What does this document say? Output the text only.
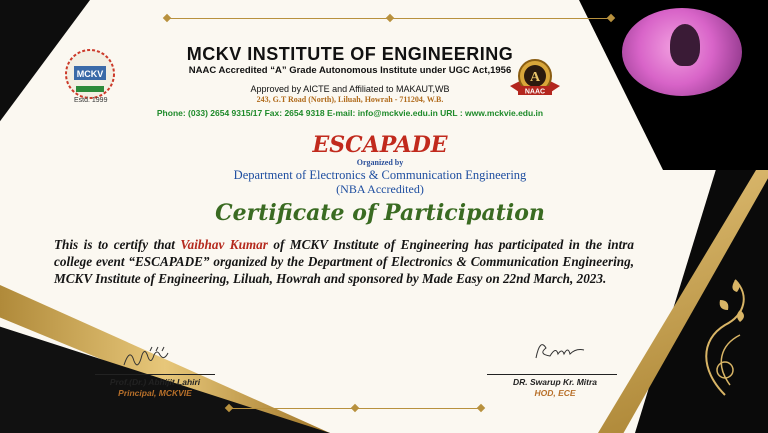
MCKV
Estd. 1999
A
NAAC
MCKV INSTITUTE OF ENGINEERING
NAAC Accredited “A” Grade Autonomous Institute under UGC Act,1956
Approved by AICTE and Affiliated to MAKAUT,WB
243, G.T Road (North), Liluah, Howrah - 711204, W.B.
Phone: (033) 2654 9315/17 Fax: 2654 9318 E-mail: info@mckvie.edu.in URL : www.mckvie.edu.in
ESCAPADE
Organized by
Department of Electronics & Communication Engineering
(NBA Accredited)
Certificate of Participation
This is to certify that Vaibhav Kumar of MCKV Institute of Engineering has participated in the intra college event “ESCAPADE” organized by the Department of Electronics & Communication Engineering, MCKV Institute of Engineering, Liluah, Howrah and sponsored by Made Easy on 22nd March, 2023.
Prof.(Dr.) Abhijit Lahiri
Principal, MCKVIE
DR. Swarup Kr. Mitra
HOD, ECE
